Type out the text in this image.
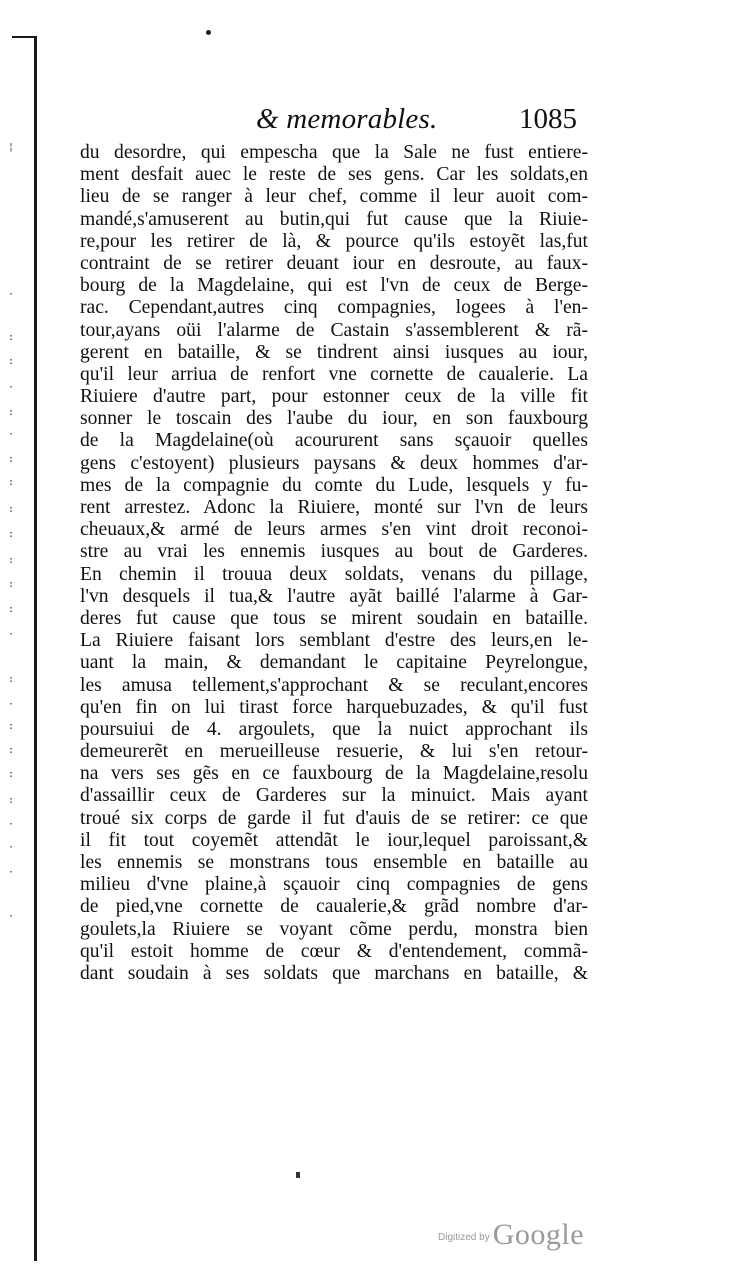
¦
·
:
:
·
:
·
:
:
:
:
:
:
:
·
:
·
:
:
:
:
·
·
·
·
& memorables.	1085
du desordre, qui empescha que la Sale ne fust entiere-
ment desfait auec le reste de ses gens. Car les soldats,en
lieu de se ranger à leur chef, comme il leur auoit com-
mandé,s'amuserent au butin,qui fut cause que la Riuie-
re,pour les retirer de là, & pource qu'ils estoyẽt las,fut
contraint de se retirer deuant iour en desroute, au faux-
bourg de la Magdelaine, qui est l'vn de ceux de Berge-
rac. Cependant,autres cinq compagnies, logees à l'en-
tour,ayans oüi l'alarme de Castain s'assemblerent & rã-
gerent en bataille, & se tindrent ainsi iusques au iour,
qu'il leur arriua de renfort vne cornette de caualerie. La
Riuiere d'autre part, pour estonner ceux de la ville fit
sonner le toscain des l'aube du iour, en son fauxbourg
de la Magdelaine(où acoururent sans sçauoir quelles
gens c'estoyent) plusieurs paysans & deux hommes d'ar-
mes de la compagnie du comte du Lude, lesquels y fu-
rent arrestez. Adonc la Riuiere, monté sur l'vn de leurs
cheuaux,& armé de leurs armes s'en vint droit reconoi-
stre au vrai les ennemis iusques au bout de Garderes.
En chemin il trouua deux soldats, venans du pillage,
l'vn desquels il tua,& l'autre ayãt baillé l'alarme à Gar-
deres fut cause que tous se mirent soudain en bataille.
La Riuiere faisant lors semblant d'estre des leurs,en le-
uant la main, & demandant le capitaine Peyrelongue,
les amusa tellement,s'approchant & se reculant,encores
qu'en fin on lui tirast force harquebuzades, & qu'il fust
poursuiui de 4. argoulets, que la nuict approchant ils
demeurerẽt en merueilleuse resuerie, & lui s'en retour-
na vers ses gẽs en ce fauxbourg de la Magdelaine,resolu
d'assaillir ceux de Garderes sur la minuict. Mais ayant
troué six corps de garde il fut d'auis de se retirer: ce que
il fit tout coyemẽt attendãt le iour,lequel paroissant,&
les ennemis se monstrans tous ensemble en bataille au
milieu d'vne plaine,à sçauoir cinq compagnies de gens
de pied,vne cornette de caualerie,& grãd nombre d'ar-
goulets,la Riuiere se voyant cõme perdu, monstra bien
qu'il estoit homme de cœur & d'entendement, commã-
dant soudain à ses soldats que marchans en bataille, &
$^{Digitized by}$ Google
